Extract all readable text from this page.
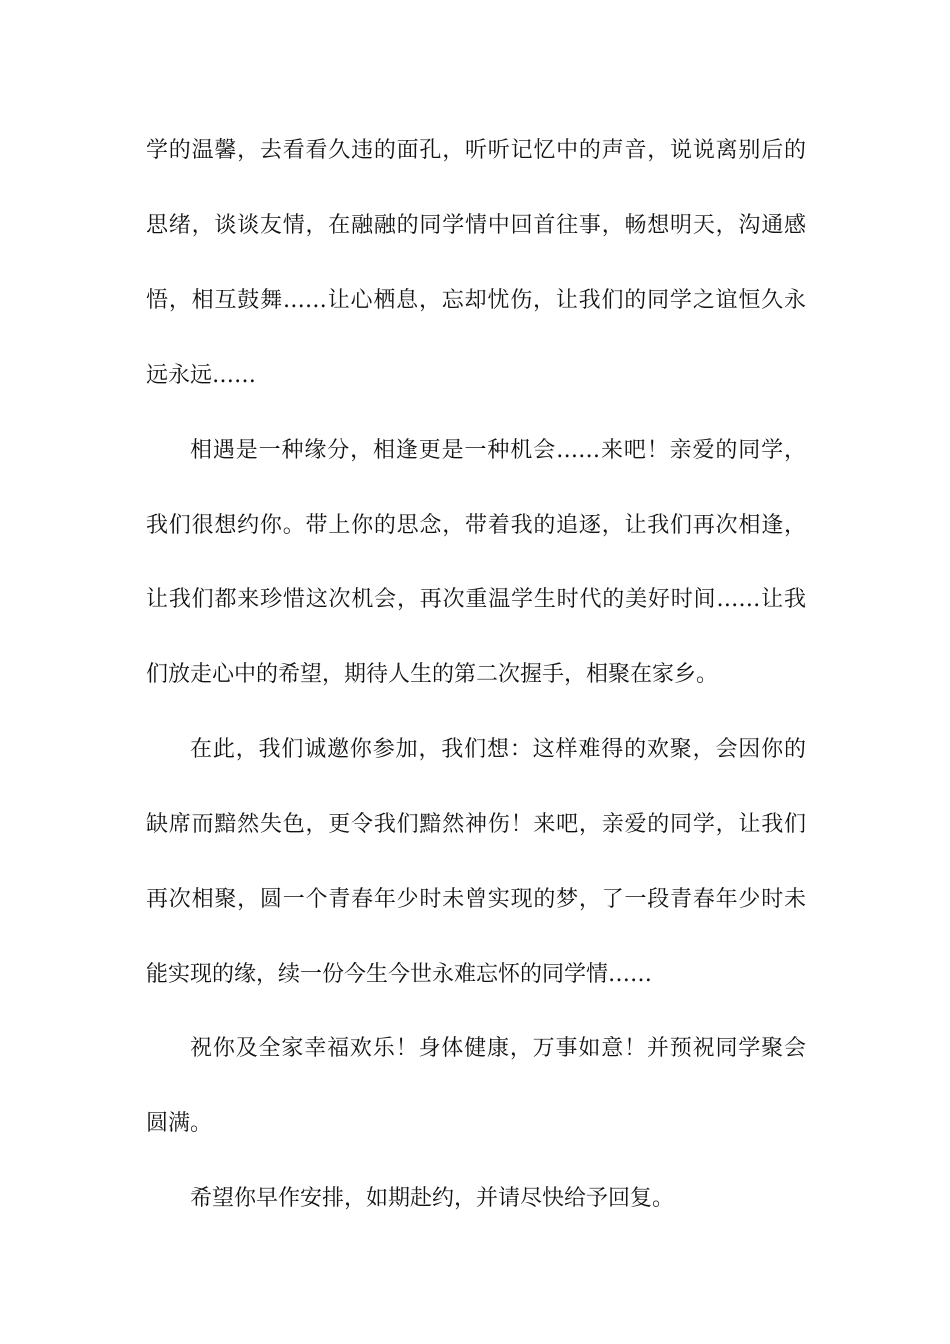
学的温馨，去看看久违的面孔，听听记忆中的声音，说说离别后的
思绪，谈谈友情，在融融的同学情中回首往事，畅想明天，沟通感
悟，相互鼓舞……让心栖息，忘却忧伤，让我们的同学之谊恒久永
远永远……
相遇是一种缘分，相逢更是一种机会……来吧！亲爱的同学，
我们很想约你。带上你的思念，带着我的追逐，让我们再次相逢，
让我们都来珍惜这次机会，再次重温学生时代的美好时间……让我
们放走心中的希望，期待人生的第二次握手，相聚在家乡。
在此，我们诚邀你参加，我们想：这样难得的欢聚，会因你的
缺席而黯然失色，更令我们黯然神伤！来吧，亲爱的同学，让我们
再次相聚，圆一个青春年少时未曾实现的梦，了一段青春年少时未
能实现的缘，续一份今生今世永难忘怀的同学情……
祝你及全家幸福欢乐！身体健康，万事如意！并预祝同学聚会
圆满。
希望你早作安排，如期赴约，并请尽快给予回复。
